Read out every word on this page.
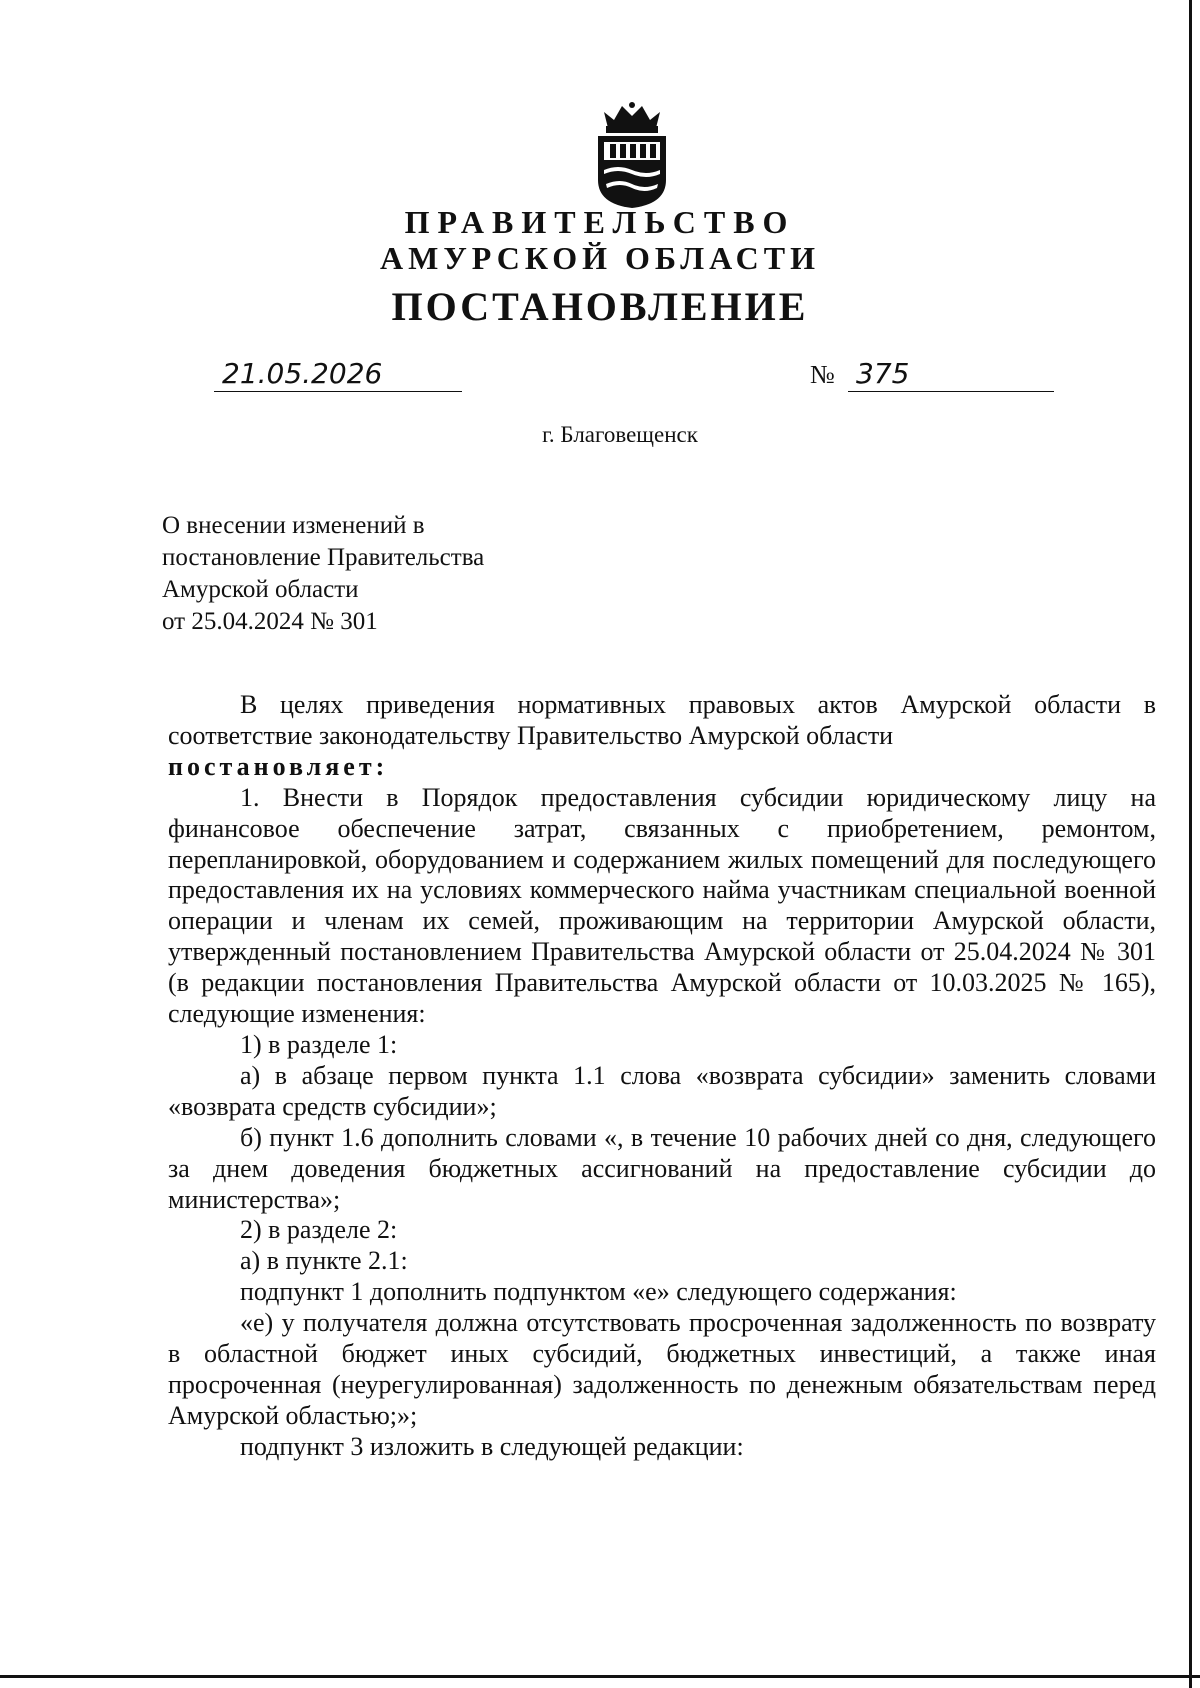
ПРАВИТЕЛЬСТВО
АМУРСКОЙ ОБЛАСТИ
ПОСТАНОВЛЕНИЕ
21.05.2026	№ 375
г. Благовещенск
О внесении изменений в
постановление Правительства
Амурской области
от 25.04.2024 № 301

В целях приведения нормативных правовых актов Амурской области в соответствие законодательству Правительство Амурской области

постановляет:

1. Внести в Порядок предоставления субсидии юридическому лицу на финансовое обеспечение затрат, связанных с приобретением, ремонтом, перепланировкой, оборудованием и содержанием жилых помещений для последующего предоставления их на условиях коммерческого найма участникам специальной военной операции и членам их семей, проживающим на территории Амурской области, утвержденный постановлением Правительства Амурской области от 25.04.2024 № 301 (в редакции постановления Правительства Амурской области от 10.03.2025 № 165), следующие изменения:

1) в разделе 1:

а) в абзаце первом пункта 1.1 слова «возврата субсидии» заменить словами «возврата средств субсидии»;

б) пункт 1.6 дополнить словами «, в течение 10 рабочих дней со дня, следующего за днем доведения бюджетных ассигнований на предоставление субсидии до министерства»;

2) в разделе 2:

а) в пункте 2.1:

подпункт 1 дополнить подпунктом «е» следующего содержания:

«е) у получателя должна отсутствовать просроченная задолженность по возврату в областной бюджет иных субсидий, бюджетных инвестиций, а также иная просроченная (неурегулированная) задолженность по денежным обязательствам перед Амурской областью;»;

подпункт 3 изложить в следующей редакции:
